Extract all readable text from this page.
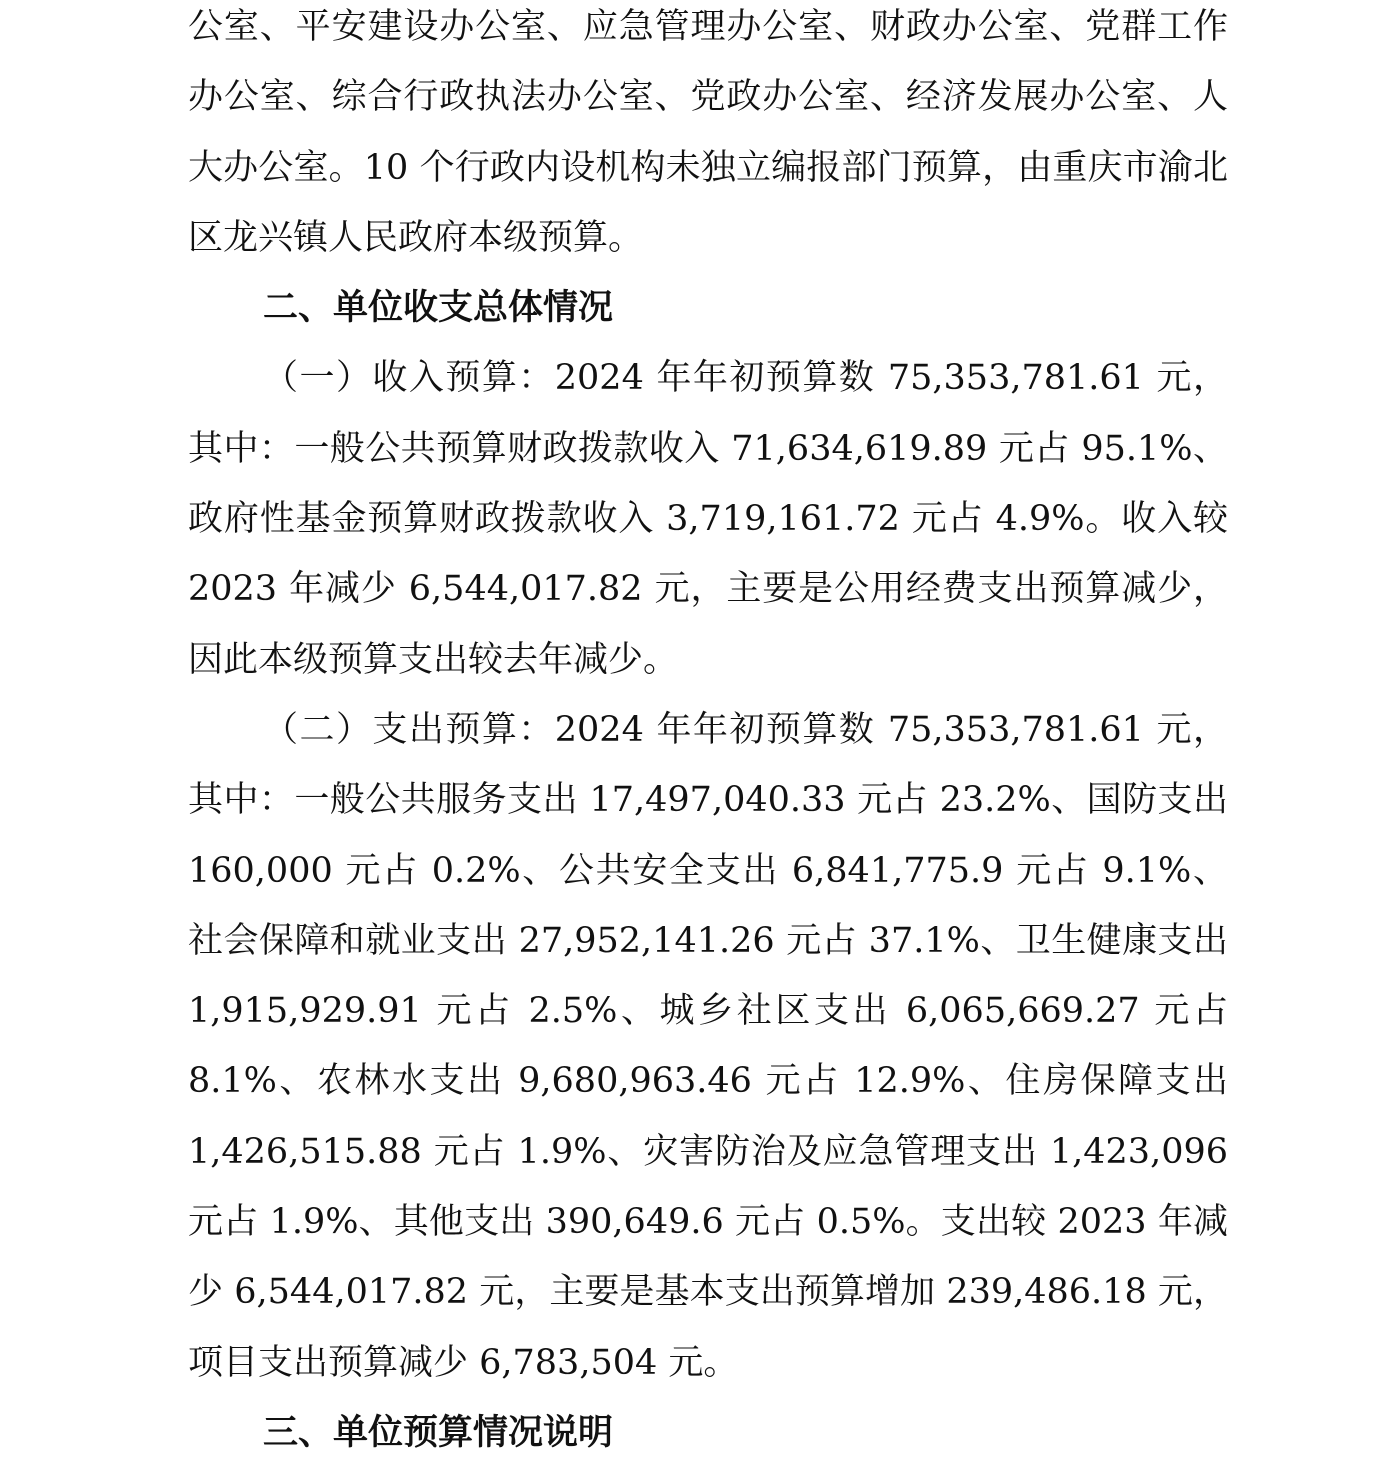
公室、平安建设办公室、应急管理办公室、财政办公室、党群工作办公室、综合行政执法办公室、党政办公室、经济发展办公室、人大办公室。10 个行政内设机构未独立编报部门预算，由重庆市渝北区龙兴镇人民政府本级预算。

二、单位收支总体情况

（一）收入预算：2024 年年初预算数 75,353,781.61 元，其中：一般公共预算财政拨款收入 71,634,619.89 元占 95.1%、政府性基金预算财政拨款收入 3,719,161.72 元占 4.9%。收入较 2023 年减少 6,544,017.82 元，主要是公用经费支出预算减少，因此本级预算支出较去年减少。

（二）支出预算：2024 年年初预算数 75,353,781.61 元，其中：一般公共服务支出 17,497,040.33 元占 23.2%、国防支出 160,000 元占 0.2%、公共安全支出 6,841,775.9 元占 9.1%、社会保障和就业支出 27,952,141.26 元占 37.1%、卫生健康支出 1,915,929.91 元占 2.5%、城乡社区支出 6,065,669.27 元占 8.1%、农林水支出 9,680,963.46 元占 12.9%、住房保障支出 1,426,515.88 元占 1.9%、灾害防治及应急管理支出 1,423,096 元占 1.9%、其他支出 390,649.6 元占 0.5%。支出较 2023 年减少 6,544,017.82 元，主要是基本支出预算增加 239,486.18 元，项目支出预算减少 6,783,504 元。

三、单位预算情况说明
